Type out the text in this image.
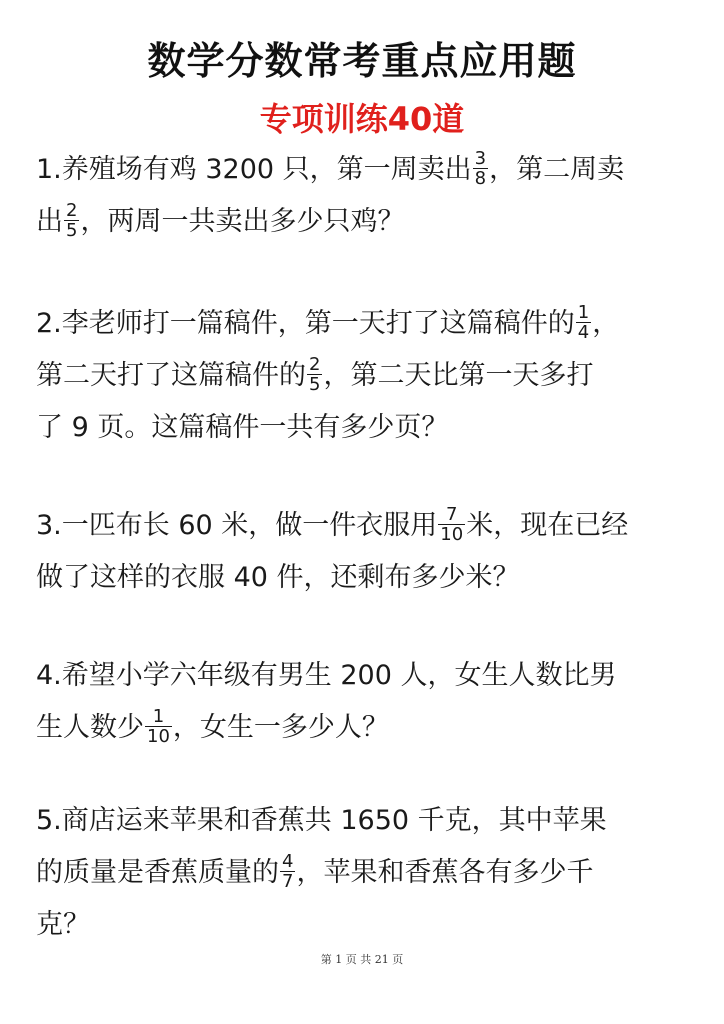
数学分数常考重点应用题
专项训练40道
1.养殖场有鸡 3200 只，第一周卖出 $\frac{3}{8}$ ，第二周卖
出 $\frac{2}{5}$ ，两周一共卖出多少只鸡？
2.李老师打一篇稿件，第一天打了这篇稿件的 $\frac{1}{4}$ ，
第二天打了这篇稿件的 $\frac{2}{5}$ ，第二天比第一天多打
了 9 页。这篇稿件一共有多少页？
3.一匹布长 60 米，做一件衣服用 $\frac{7}{10}$ 米，现在已经
做了这样的衣服 40 件，还剩布多少米？
4.希望小学六年级有男生 200 人，女生人数比男
生人数少 $\frac{1}{10}$ ，女生一多少人？
5.商店运来苹果和香蕉共 1650 千克，其中苹果
的质量是香蕉质量的 $\frac{4}{7}$ ，苹果和香蕉各有多少千
克？
第 1 页 共 21 页
